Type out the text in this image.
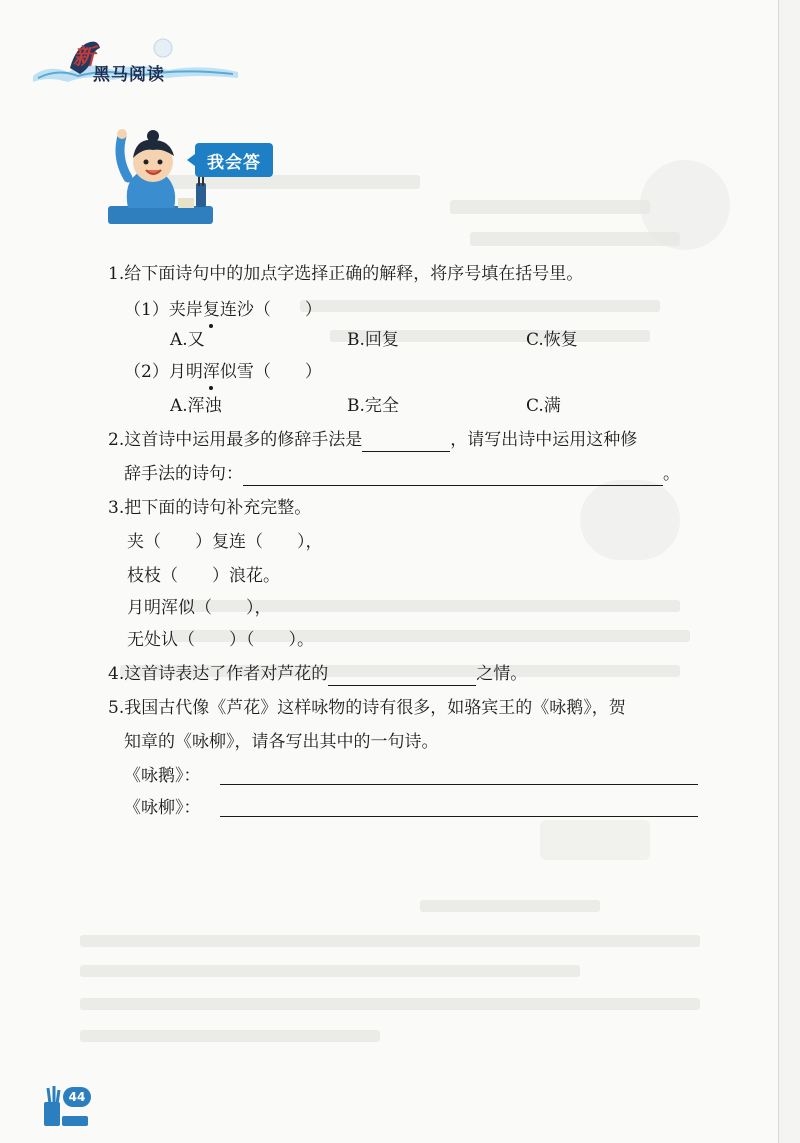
新
黑马阅读
我会答
1.给下面诗句中的加点字选择正确的解释，将序号填在括号里。
（1）夹岸复连沙（　　）
A.又	B.回复	C.恢复
（2）月明浑似雪（　　）
A.浑浊	B.完全	C.满
2.这首诗中运用最多的修辞手法是	，请写出诗中运用这种修
辞手法的诗句：	。
3.把下面的诗句补充完整。
夹（　　）复连（　　），
枝枝（　　）浪花。
月明浑似（　　），
无处认（　　）（　　）。
4.这首诗表达了作者对芦花的	之情。
5.我国古代像《芦花》这样咏物的诗有很多，如骆宾王的《咏鹅》，贺
知章的《咏柳》，请各写出其中的一句诗。
《咏鹅》：
《咏柳》：
44
